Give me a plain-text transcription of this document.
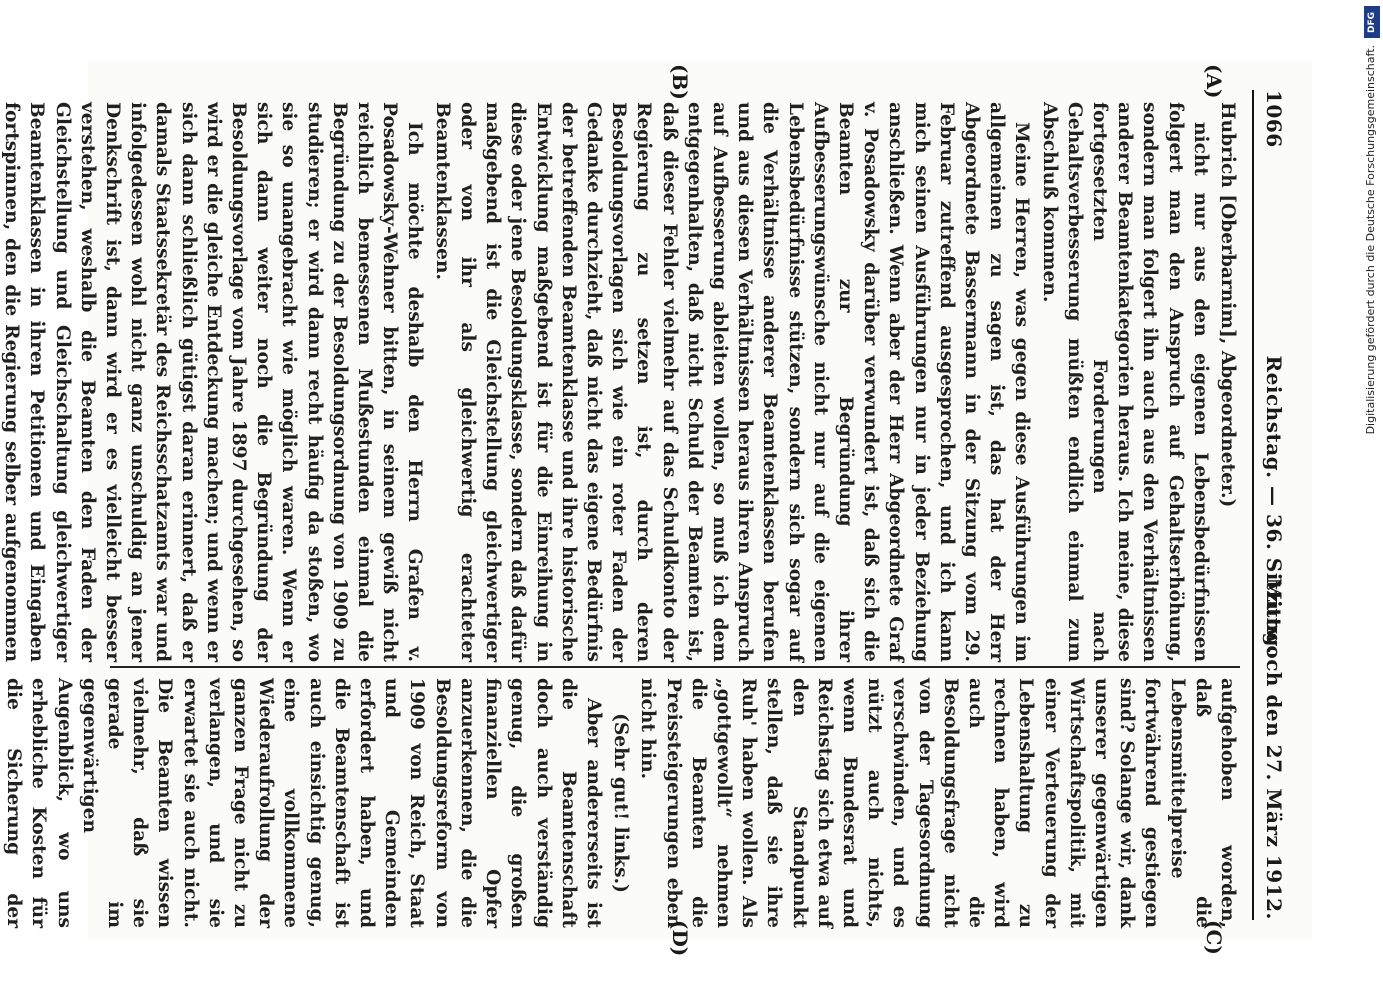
1066
Reichstag. — 36. Sitzung.
Mittwoch den 27. März 1912.
(A)
(B)

Hubrich [Oberbarnim], Abgeordneter.)

nicht nur aus den eigenen Lebensbedürfnissen folgert man den Anspruch auf Gehaltserhöhung, sondern man folgert ihn auch aus den Verhältnissen anderer Beamtenkategorien heraus. Ich meine, diese fortgesetzten Forderungen nach Gehaltsverbesserung müßten endlich einmal zum Abschluß kommen.

Meine Herren, was gegen diese Ausführungen im allgemeinen zu sagen ist, das hat der Herr Abgeordnete Bassermann in der Sitzung vom 29. Februar zutreffend ausgesprochen, und ich kann mich seinen Ausführungen nur in jeder Beziehung anschließen. Wenn aber der Herr Abgeordnete Graf v. Posadowsky darüber verwundert ist, daß sich die Beamten zur Begründung ihrer Aufbesserungswünsche nicht nur auf die eigenen Lebensbedürfnisse stützen, sondern sich sogar auf die Verhältnisse anderer Beamtenklassen berufen und aus diesen Verhältnissen heraus ihren Anspruch auf Aufbesserung ableiten wollen, so muß ich dem entgegenhalten, daß nicht Schuld der Beamten ist, daß dieser Fehler vielmehr auf das Schuldkonto der Regierung zu setzen ist, durch deren Besoldungsvorlagen sich wie ein roter Faden der Gedanke durchzieht, daß nicht das eigene Bedürfnis der betreffenden Beamtenklasse und ihre historische Entwicklung maßgebend ist für die Einreihung in diese oder jene Besoldungsklasse, sondern daß dafür maßgebend ist die Gleichstellung gleichwertiger oder von ihr als gleichwertig erachteter Beamtenklassen.

Ich möchte deshalb den Herrn Grafen v. Posadowsky-Wehner bitten, in seinem gewiß nicht reichlich bemessenen Mußestunden einmal die Begründung zu der Besoldungsordnung von 1909 zu studieren; er wird dann recht häufig da stoßen, wo sie so unangebracht wie möglich waren. Wenn er sich dann weiter noch die Begründung der Besoldungsvorlage vom Jahre 1897 durchgesehen, so wird er die gleiche Entdeckung machen; und wenn er sich dann schließlich gütigst daran erinnert, daß er damals Staatssekretär des Reichsschatzamts war und infolgedessen wohl nicht ganz unschuldig an jener Denkschrift ist, dann wird er es vielleicht besser verstehen, weshalb die Beamten den Faden der Gleichstellung und Gleichschaltung gleichwertiger Beamtenklassen in ihren Petitionen und Eingaben fortspinnen, den die Regierung selber aufgenommen

aufgehoben worden, daß die Lebensmittelpreise fortwährend gestiegen sind? Solange wir, dank unserer gegenwärtigen Wirtschaftspolitik, mit einer Verteuerung der Lebenshaltung zu rechnen haben, wird auch die Besoldungsfrage nicht von der Tagesordnung verschwinden, und es nützt auch nichts, wenn Bundesrat und Reichstag sich etwa auf den Standpunkt stellen, daß sie ihre Ruh' haben wollen. Als „gottgewollt“ nehmen die Beamten die Preissteigerungen eben nicht hin.

(Sehr gut! links.)

Aber andererseits ist die Beamtenschaft doch auch verständig genug, die großen finanziellen Opfer anzuerkennen, die die Besoldungsreform von 1909 von Reich, Staat und Gemeinden erfordert haben, und die Beamtenschaft ist auch einsichtig genug, eine vollkommene Wiederaufrollung der ganzen Frage nicht zu verlangen, und sie erwartet sie auch nicht. Die Beamten wissen vielmehr, daß sie gerade im gegenwärtigen Augenblick, wo uns erhebliche Kosten für die Sicherung der

(C)
(D)
DFG
Digitalisierung gefördert durch die Deutsche Forschungsgemeinschaft.
